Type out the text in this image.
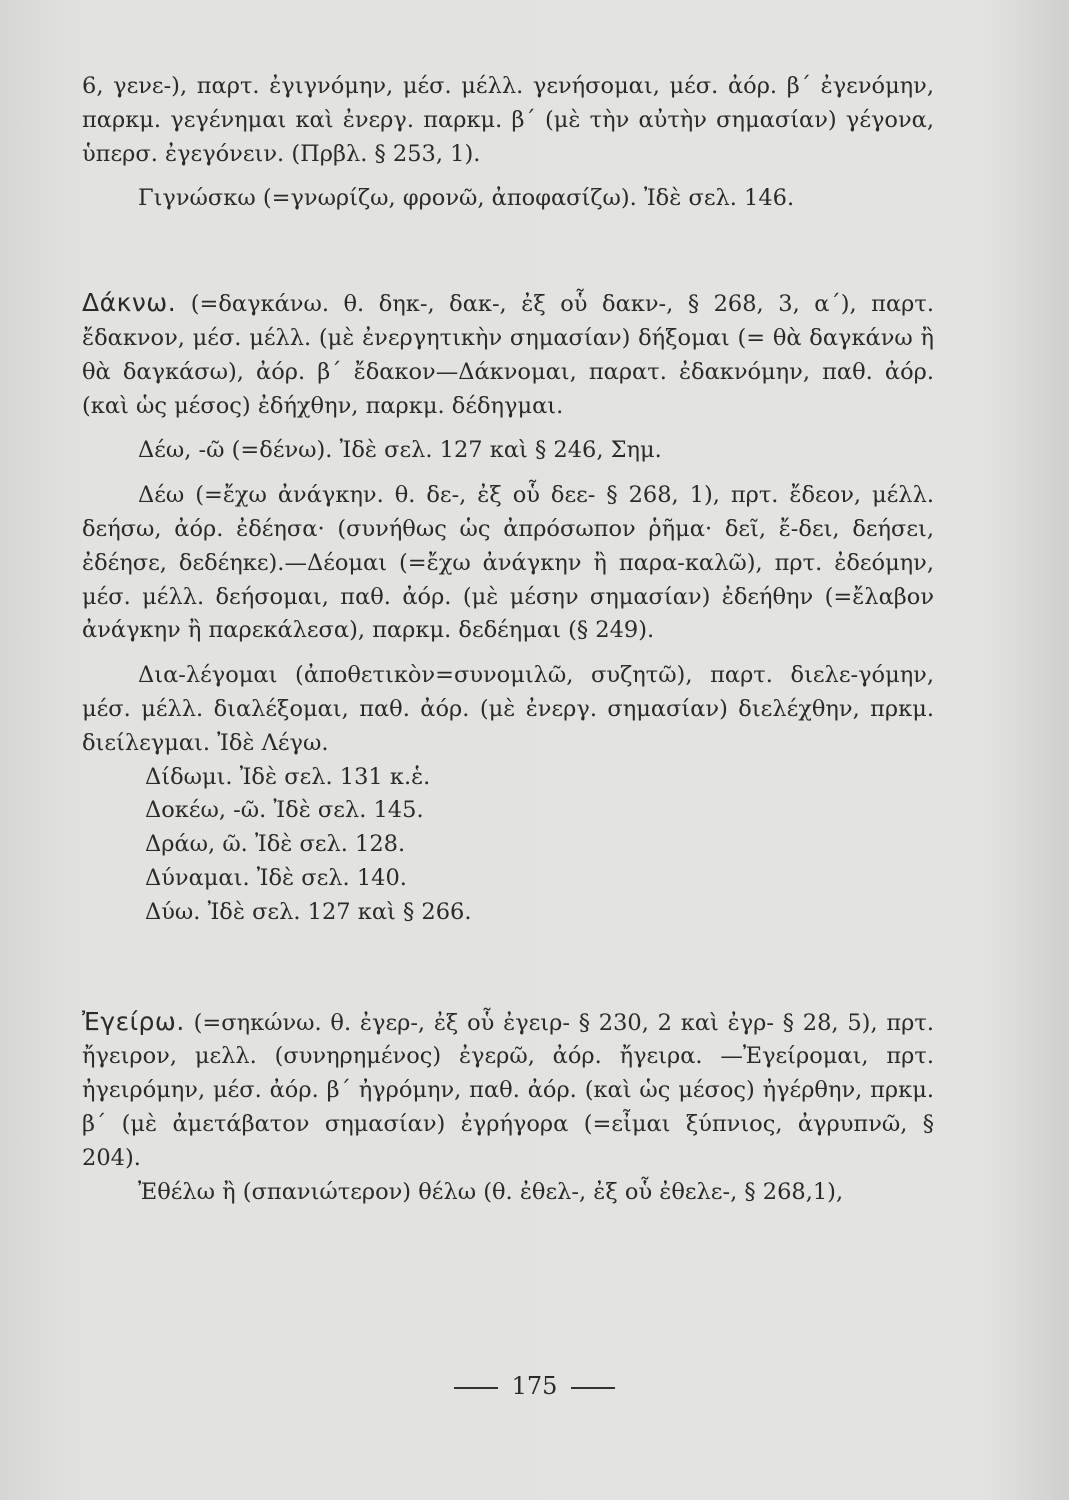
6, γενε-), παρτ. ἐγιγνόμην, μέσ. μέλλ. γενήσομαι, μέσ. ἀόρ. β΄ ἐγενόμην, παρκμ. γεγένημαι καὶ ἐνεργ. παρκμ. β΄ (μὲ τὴν αὐτὴν σημασίαν) γέγονα, ὑπερσ. ἐγεγόνειν. (Πρβλ. § 253, 1).

Γιγνώσκω (=γνωρίζω, φρονῶ, ἀποφασίζω). Ἰδὲ σελ. 146.

Δάκνω. (=δαγκάνω. θ. δηκ-, δακ-, ἐξ οὗ δακν-, § 268, 3, α΄), παρτ. ἔδακνον, μέσ. μέλλ. (μὲ ἐνεργητικὴν σημασίαν) δήξομαι (= θὰ δαγκάνω ἢ θὰ δαγκάσω), ἀόρ. β΄ ἔδακον—Δάκνομαι, παρατ. ἐδακνόμην, παθ. ἀόρ. (καὶ ὡς μέσος) ἐδήχθην, παρκμ. δέδηγμαι.

Δέω, -ῶ (=δένω). Ἰδὲ σελ. 127 καὶ § 246, Σημ.

Δέω (=ἔχω ἀνάγκην. θ. δε-, ἐξ οὗ δεε- § 268, 1), πρτ. ἔδεον, μέλλ. δεήσω, ἀόρ. ἐδέησα· (συνήθως ὡς ἀπρόσωπον ῥῆμα· δεῖ, ἔ-δει, δεήσει, ἐδέησε, δεδέηκε).—Δέομαι (=ἔχω ἀνάγκην ἢ παρα-καλῶ), πρτ. ἐδεόμην, μέσ. μέλλ. δεήσομαι, παθ. ἀόρ. (μὲ μέσην σημασίαν) ἐδεήθην (=ἔλαβον ἀνάγκην ἢ παρεκάλεσα), παρκμ. δεδέημαι (§ 249).

Δια-λέγομαι (ἀποθετικὸν=συνομιλῶ, συζητῶ), παρτ. διελε-γόμην, μέσ. μέλλ. διαλέξομαι, παθ. ἀόρ. (μὲ ἐνεργ. σημασίαν) διελέχθην, πρκμ. διείλεγμαι. Ἰδὲ Λέγω.

Δίδωμι. Ἰδὲ σελ. 131 κ.ἑ.

Δοκέω, -ῶ. Ἰδὲ σελ. 145.

Δράω, ῶ. Ἰδὲ σελ. 128.

Δύναμαι. Ἰδὲ σελ. 140.

Δύω. Ἰδὲ σελ. 127 καὶ § 266.

Ἐγείρω. (=σηκώνω. θ. ἐγερ-, ἐξ οὗ ἐγειρ- § 230, 2 καὶ ἐγρ- § 28, 5), πρτ. ἤγειρον, μελλ. (συνηρημένος) ἐγερῶ, ἀόρ. ἤγειρα. —Ἐγείρομαι, πρτ. ἠγειρόμην, μέσ. ἀόρ. β΄ ἠγρόμην, παθ. ἀόρ. (καὶ ὡς μέσος) ἠγέρθην, πρκμ. β΄ (μὲ ἀμετάβατον σημασίαν) ἐγρήγορα (=εἶμαι ξύπνιος, ἀγρυπνῶ, § 204).

Ἐθέλω ἢ (σπανιώτερον) θέλω (θ. ἐθελ-, ἐξ οὗ ἐθελε-, § 268,1),

175
